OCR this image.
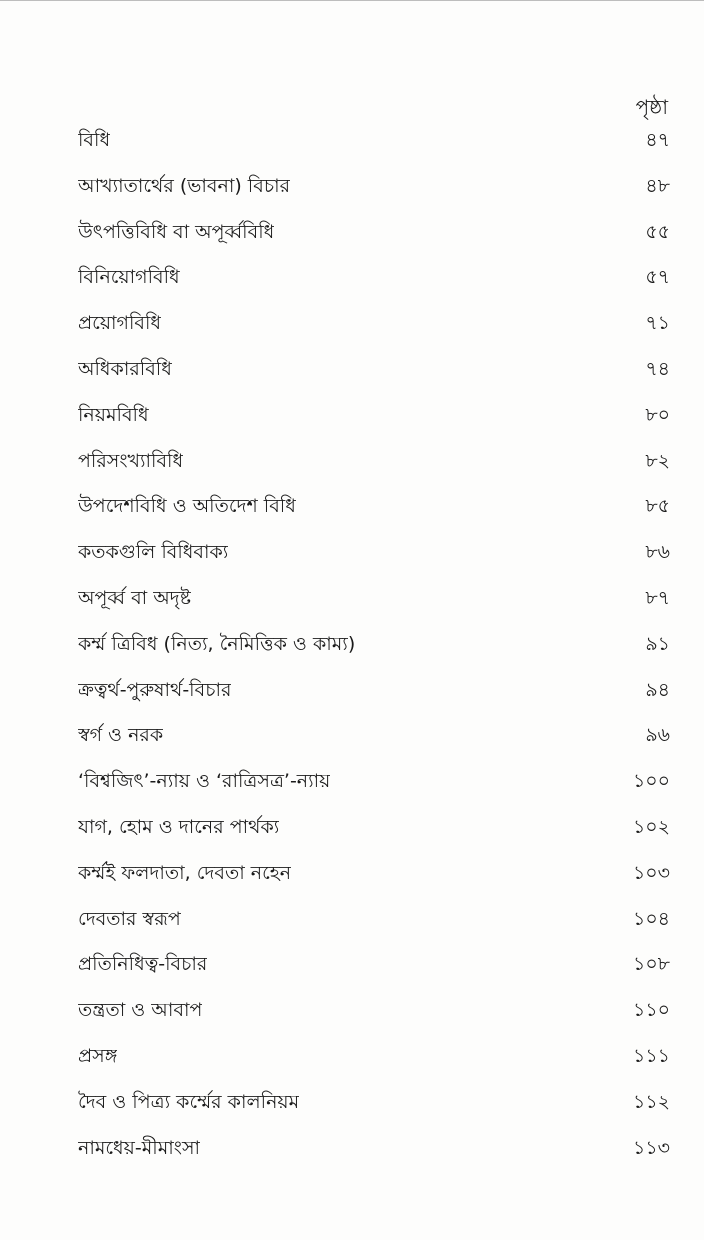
পৃষ্ঠা
বিধি	৪৭
আখ্যাতার্থের (ভাবনা) বিচার	৪৮
উৎপত্তিবিধি বা অপূর্ব্ববিধি	৫৫
বিনিয়োগবিধি	৫৭
প্রয়োগবিধি	৭১
অধিকারবিধি	৭৪
নিয়মবিধি	৮০
পরিসংখ্যাবিধি	৮২
উপদেশবিধি ও অতিদেশ বিধি	৮৫
কতকগুলি বিধিবাক্য	৮৬
অপূর্ব্ব বা অদৃষ্ট	৮৭
কর্ম্ম ত্রিবিধ (নিত্য, নৈমিত্তিক ও কাম্য)	৯১
ক্রত্বর্থ-পুরুষার্থ-বিচার	৯৪
স্বর্গ ও নরক	৯৬
‘বিশ্বজিৎ’-ন্যায় ও ‘রাত্রিসত্র’-ন্যায়	১০০
যাগ, হোম ও দানের পার্থক্য	১০২
কর্ম্মই ফলদাতা, দেবতা নহেন	১০৩
দেবতার স্বরূপ	১০৪
প্রতিনিধিত্ব-বিচার	১০৮
তন্ত্রতা ও আবাপ	১১০
প্রসঙ্গ	১১১
দৈব ও পিত্র্য কর্ম্মের কালনিয়ম	১১২
নামধেয়-মীমাংসা	১১৩
